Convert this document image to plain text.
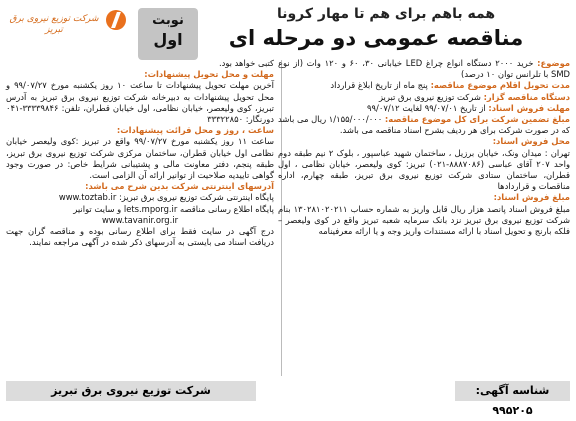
شرکت توزیع نیروی برق تبریز
نوبت
اول
همه باهم برای هم تا مهار کرونا
مناقصه عمومی دو مرحله ای
موضوع: خرید ۲۰۰۰ دستگاه انواع چراغ LED خیابانی ۳۰، ۶۰ و ۱۲۰ وات (از نوع SMD با تلرانس توان ۱۰ درصد)
مدت تحویل اقلام موضوع مناقصه: پنج ماه از تاریخ ابلاغ قرارداد
دستگاه مناقصه گزار: شرکت توزیع نیروی برق تبریز
مهلت فروش اسناد: از تاریخ ۹۹/۰۷/۰۱ لغایت ۹۹/۰۷/۱۲
مبلغ تضمین شرکت برای کل موضوع مناقصه: ۱/۱۵۵/۰۰۰/۰۰۰ ریال می باشد که در صورت شرکت برای هر ردیف بشرح اسناد مناقصه می باشد.
محل فروش اسناد:
تهران : میدان ونک، خیابان برزیل ، ساختمان شهید عباسپور ، بلوک ۲ نیم طبقه دوم واحد ۲۰۷ آقای عباسی (۸۸۸۷۰۸۶-۰۲۱) تبریز: کوی ولیعصر، خیابان نظامی ، اول قطران، ساختمان ستادی شرکت توزیع نیروی برق تبریز، طبقه چهارم، اداره مناقصات و قراردادها
مبلغ فروش اسناد:
مبلغ فروش اسناد پانصد هزار ریال قابل واریز به شماره حساب ۱۳۰۲۸۱۰۲۰۲۱۱ بنام شرکت توزیع نیروی برق تبریز نزد بانک سرمایه شعبه تبریز واقع در کوی ولیعصر – فلکه بارنج و تحویل اسناد با ارائه مستندات واریز وجه و یا ارائه معرفینامه
کتبی خواهد بود.
مهلت و محل تحویل پیشنهادات:
آخرین مهلت تحویل پیشنهادات تا ساعت ۱۰ روز یکشنبه مورخ ۹۹/۰۷/۲۷ و محل تحویل پیشنهادات به دبیرخانه شرکت توزیع نیروی برق تبریز به آدرس تبریز، کوی ولیعصر، خیابان نظامی، اول خیابان قطران، تلفن: ۳۳۳۳۹۸۴۶-۰۴۱ دورنگار: ۳۳۳۲۲۸۵۰
ساعت ، روز و محل قرائت پیشنهادات:
ساعت ۱۱ روز یکشنبه مورخ ۹۹/۰۷/۲۷ واقع در تبریز :کوی ولیعصر خیابان نظامی اول خیابان قطران، ساختمان مرکزی شرکت توزیع نیروی برق تبریز، طبقه پنجم، دفتر معاونت مالی و پشتیبانی شرایط خاص: در صورت وجود گواهی تاییدیه صلاحیت از توانیر ارائه آن الزامی است.
آدرسهای اینترنتی شرکت بدین شرح می باشد:
پایگاه اینترنتی شرکت توزیع نیروی برق تبریز: www.toztab.ir
پایگاه اطلاع رسانی مناقصه lets.mporg.ir و سایت توانیر
www.tavanir.org.ir
درج آگهی در سایت فقط برای اطلاع رسانی بوده و مناقصه گران جهت دریافت اسناد می بایستی به آدرسهای ذکر شده در آگهی مراجعه نمایند.
شرکت توزیع نیروی برق تبریز	شناسه آگهی: ۹۹۵۲۰۵
